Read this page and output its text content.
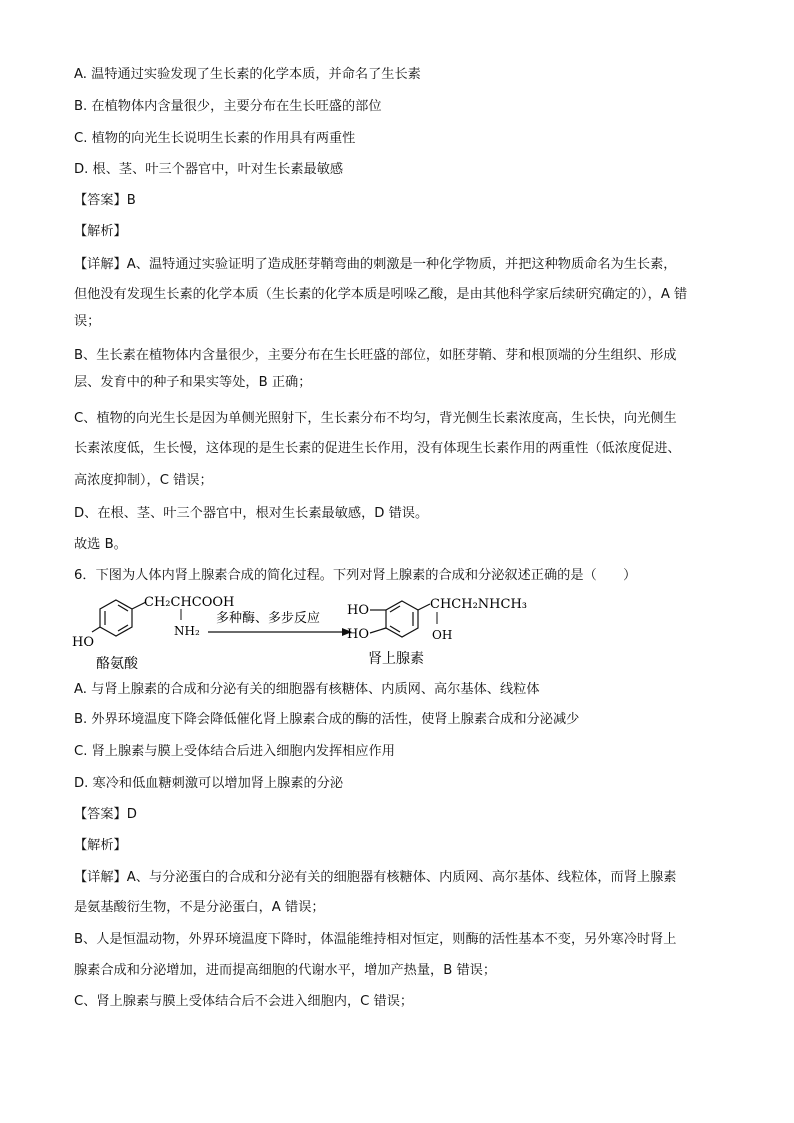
A. 温特通过实验发现了生长素的化学本质，并命名了生长素
B. 在植物体内含量很少，主要分布在生长旺盛的部位
C. 植物的向光生长说明生长素的作用具有两重性
D. 根、茎、叶三个器官中，叶对生长素最敏感
【答案】B
【解析】
【详解】A、温特通过实验证明了造成胚芽鞘弯曲的刺激是一种化学物质，并把这种物质命名为生长素，
但他没有发现生长素的化学本质（生长素的化学本质是吲哚乙酸，是由其他科学家后续研究确定的），A 错
误；
B、生长素在植物体内含量很少，主要分布在生长旺盛的部位，如胚芽鞘、芽和根顶端的分生组织、形成
层、发育中的种子和果实等处，B 正确；
C、植物的向光生长是因为单侧光照射下，生长素分布不均匀，背光侧生长素浓度高，生长快，向光侧生
长素浓度低，生长慢，这体现的是生长素的促进生长作用，没有体现生长素作用的两重性（低浓度促进、
高浓度抑制），C 错误；
D、在根、茎、叶三个器官中，根对生长素最敏感，D 错误。
故选 B。
6．下图为人体内肾上腺素合成的简化过程。下列对肾上腺素的合成和分泌叙述正确的是（　　）
CH₂CHCOOH
NH₂
HO
酪氨酸
多种酶、多步反应
HO
HO
CHCH₂NHCH₃
OH
肾上腺素
A. 与肾上腺素的合成和分泌有关的细胞器有核糖体、内质网、高尔基体、线粒体
B. 外界环境温度下降会降低催化肾上腺素合成的酶的活性，使肾上腺素合成和分泌减少
C. 肾上腺素与膜上受体结合后进入细胞内发挥相应作用
D. 寒冷和低血糖刺激可以增加肾上腺素的分泌
【答案】D
【解析】
【详解】A、与分泌蛋白的合成和分泌有关的细胞器有核糖体、内质网、高尔基体、线粒体，而肾上腺素
是氨基酸衍生物，不是分泌蛋白，A 错误；
B、人是恒温动物，外界环境温度下降时，体温能维持相对恒定，则酶的活性基本不变，另外寒冷时肾上
腺素合成和分泌增加，进而提高细胞的代谢水平，增加产热量，B 错误；
C、肾上腺素与膜上受体结合后不会进入细胞内，C 错误；
